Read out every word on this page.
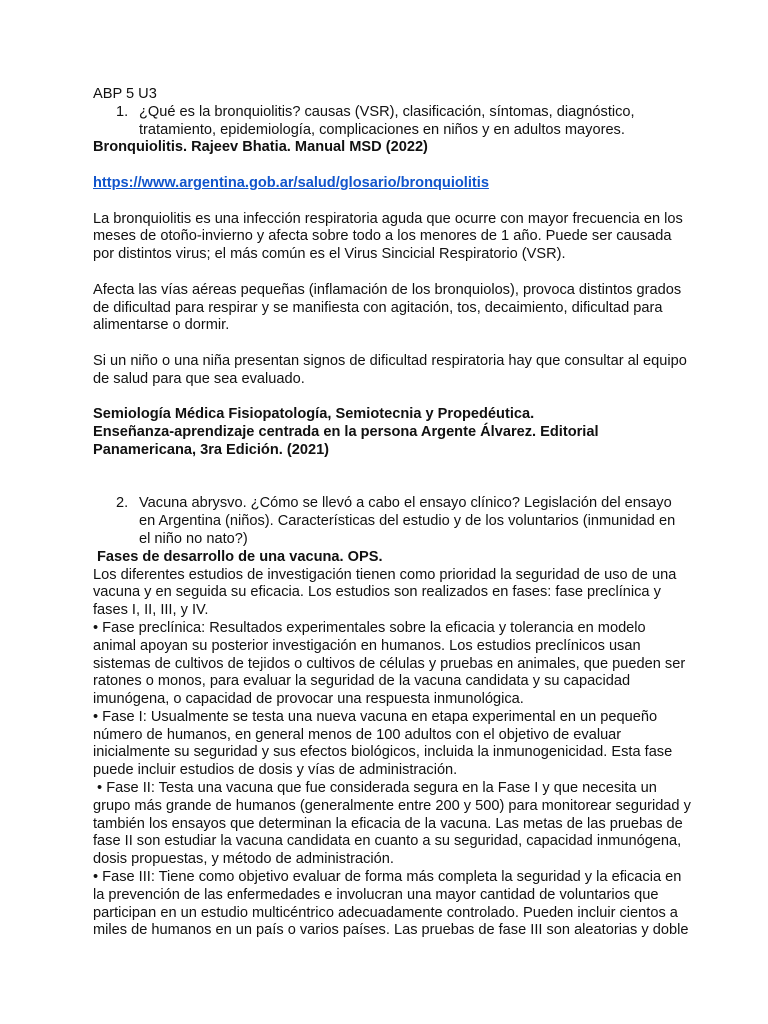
ABP 5 U3
1. ¿Qué es la bronquiolitis? causas (VSR), clasificación, síntomas, diagnóstico,
tratamiento, epidemiología, complicaciones en niños y en adultos mayores.
Bronquiolitis. Rajeev Bhatia. Manual MSD (2022)
https://www.argentina.gob.ar/salud/glosario/bronquiolitis
La bronquiolitis es una infección respiratoria aguda que ocurre con mayor frecuencia en los
meses de otoño-invierno y afecta sobre todo a los menores de 1 año. Puede ser causada
por distintos virus; el más común es el Virus Sincicial Respiratorio (VSR).
Afecta las vías aéreas pequeñas (inflamación de los bronquiolos), provoca distintos grados
de dificultad para respirar y se manifiesta con agitación, tos, decaimiento, dificultad para
alimentarse o dormir.
Si un niño o una niña presentan signos de dificultad respiratoria hay que consultar al equipo
de salud para que sea evaluado.
Semiología Médica Fisiopatología, Semiotecnia y Propedéutica.
Enseñanza-aprendizaje centrada en la persona Argente Álvarez. Editorial
Panamericana, 3ra Edición. (2021)
2. Vacuna abrysvo. ¿Cómo se llevó a cabo el ensayo clínico? Legislación del ensayo
en Argentina (niños). Características del estudio y de los voluntarios (inmunidad en
el niño no nato?)
Fases de desarrollo de una vacuna. OPS.
Los diferentes estudios de investigación tienen como prioridad la seguridad de uso de una
vacuna y en seguida su eficacia. Los estudios son realizados en fases: fase preclínica y
fases I, II, III, y IV.
• Fase preclínica: Resultados experimentales sobre la eficacia y tolerancia en modelo
animal apoyan su posterior investigación en humanos. Los estudios preclínicos usan
sistemas de cultivos de tejidos o cultivos de células y pruebas en animales, que pueden ser
ratones o monos, para evaluar la seguridad de la vacuna candidata y su capacidad
imunógena, o capacidad de provocar una respuesta inmunológica.
• Fase I: Usualmente se testa una nueva vacuna en etapa experimental en un pequeño
número de humanos, en general menos de 100 adultos con el objetivo de evaluar
inicialmente su seguridad y sus efectos biológicos, incluida la inmunogenicidad. Esta fase
puede incluir estudios de dosis y vías de administración.
• Fase II: Testa una vacuna que fue considerada segura en la Fase I y que necesita un
grupo más grande de humanos (generalmente entre 200 y 500) para monitorear seguridad y
también los ensayos que determinan la eficacia de la vacuna. Las metas de las pruebas de
fase II son estudiar la vacuna candidata en cuanto a su seguridad, capacidad inmunógena,
dosis propuestas, y método de administración.
• Fase III: Tiene como objetivo evaluar de forma más completa la seguridad y la eficacia en
la prevención de las enfermedades e involucran una mayor cantidad de voluntarios que
participan en un estudio multicéntrico adecuadamente controlado. Pueden incluir cientos a
miles de humanos en un país o varios países. Las pruebas de fase III son aleatorias y doble
